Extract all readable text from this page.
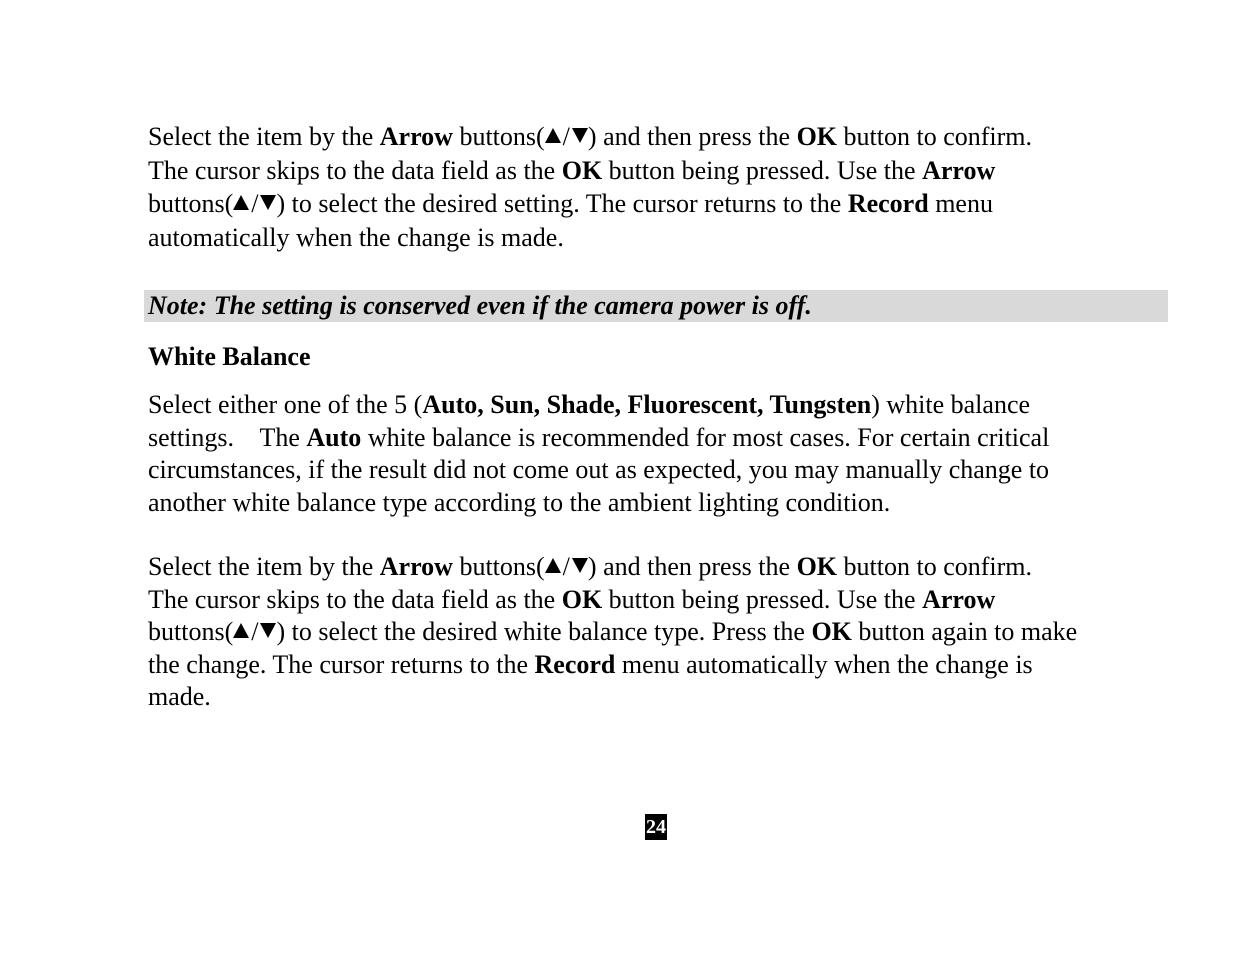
Select the item by the Arrow buttons( / ) and then press the OK button to confirm.

The cursor skips to the data field as the OK button being pressed. Use the Arrow

buttons( / ) to select the desired setting. The cursor returns to the Record menu

automatically when the change is made.

Note: The setting is conserved even if the camera power is off.
White Balance

Select either one of the 5 (Auto, Sun, Shade, Fluorescent, Tungsten) white balance

settings.    The Auto white balance is recommended for most cases. For certain critical

circumstances, if the result did not come out as expected, you may manually change to

another white balance type according to the ambient lighting condition.

Select the item by the Arrow buttons( / ) and then press the OK button to confirm.

The cursor skips to the data field as the OK button being pressed. Use the Arrow

buttons( / ) to select the desired white balance type. Press the OK button again to make

the change. The cursor returns to the Record menu automatically when the change is

made.

24
